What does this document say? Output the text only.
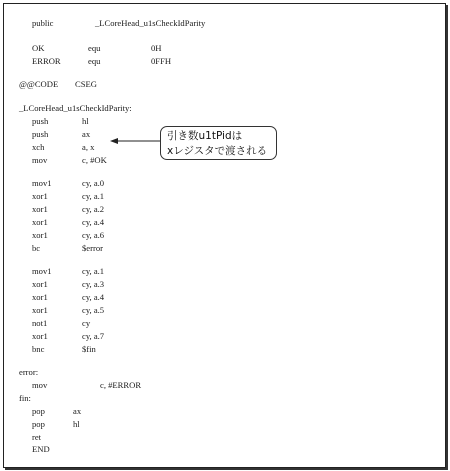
public	_LCoreHead_u1sCheckIdParity
OK	equ	0H
ERROR	equ	0FFH
@@CODE CSEG
_LCoreHead_u1sCheckIdParity:
push	hl
push	ax
xch	a, x
mov	c, #OK
mov1	cy, a.0
xor1	cy, a.1
xor1	cy, a.2
xor1	cy, a.4
xor1	cy, a.6
bc	$error
mov1	cy, a.1
xor1	cy, a.3
xor1	cy, a.4
xor1	cy, a.5
not1	cy
xor1	cy, a.7
bnc	$fin
error:
mov	c, #ERROR
fin:
pop	ax
pop	hl
ret
END
引き数u1tPidは
xレジスタで渡される
